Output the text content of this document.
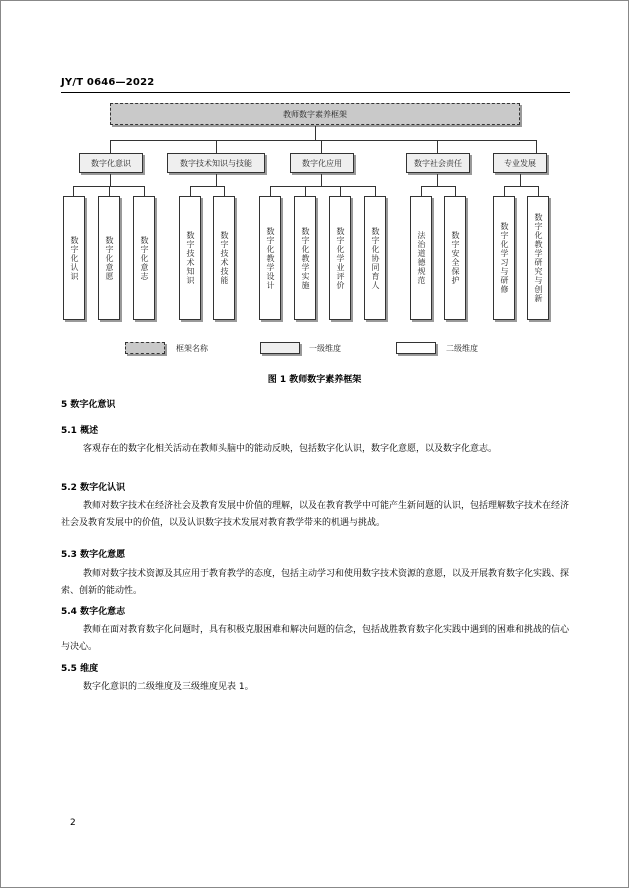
JY/T 0646—2022
教师数字素养框架
数字化意识	数字技术知识与技能	数字化应用	数字社会责任	专业发展
数字化认识	数字化意愿	数字化意志	数字技术知识	数字技术技能	数字化教学设计	数字化教学实施	数字化学业评价	数字化协同育人	法治道德规范	数字安全保护	数字化学习与研修	数字化教学研究与创新
框架名称	一级维度	二级维度
图 1 教师数字素养框架
5 数字化意识
5.1 概述
客观存在的数字化相关活动在教师头脑中的能动反映，包括数字化认识，数字化意愿，以及数字化意志。
5.2 数字化认识
教师对数字技术在经济社会及教育发展中价值的理解，以及在教育教学中可能产生新问题的认识，包括理解数字技术在经济社会及教育发展中的价值，以及认识数字技术发展对教育教学带来的机遇与挑战。
5.3 数字化意愿
教师对数字技术资源及其应用于教育教学的态度，包括主动学习和使用数字技术资源的意愿，以及开展教育数字化实践、探索、创新的能动性。
5.4 数字化意志
教师在面对教育数字化问题时，具有积极克服困难和解决问题的信念，包括战胜教育数字化实践中遇到的困难和挑战的信心与决心。
5.5 维度
数字化意识的二级维度及三级维度见表 1。
2
